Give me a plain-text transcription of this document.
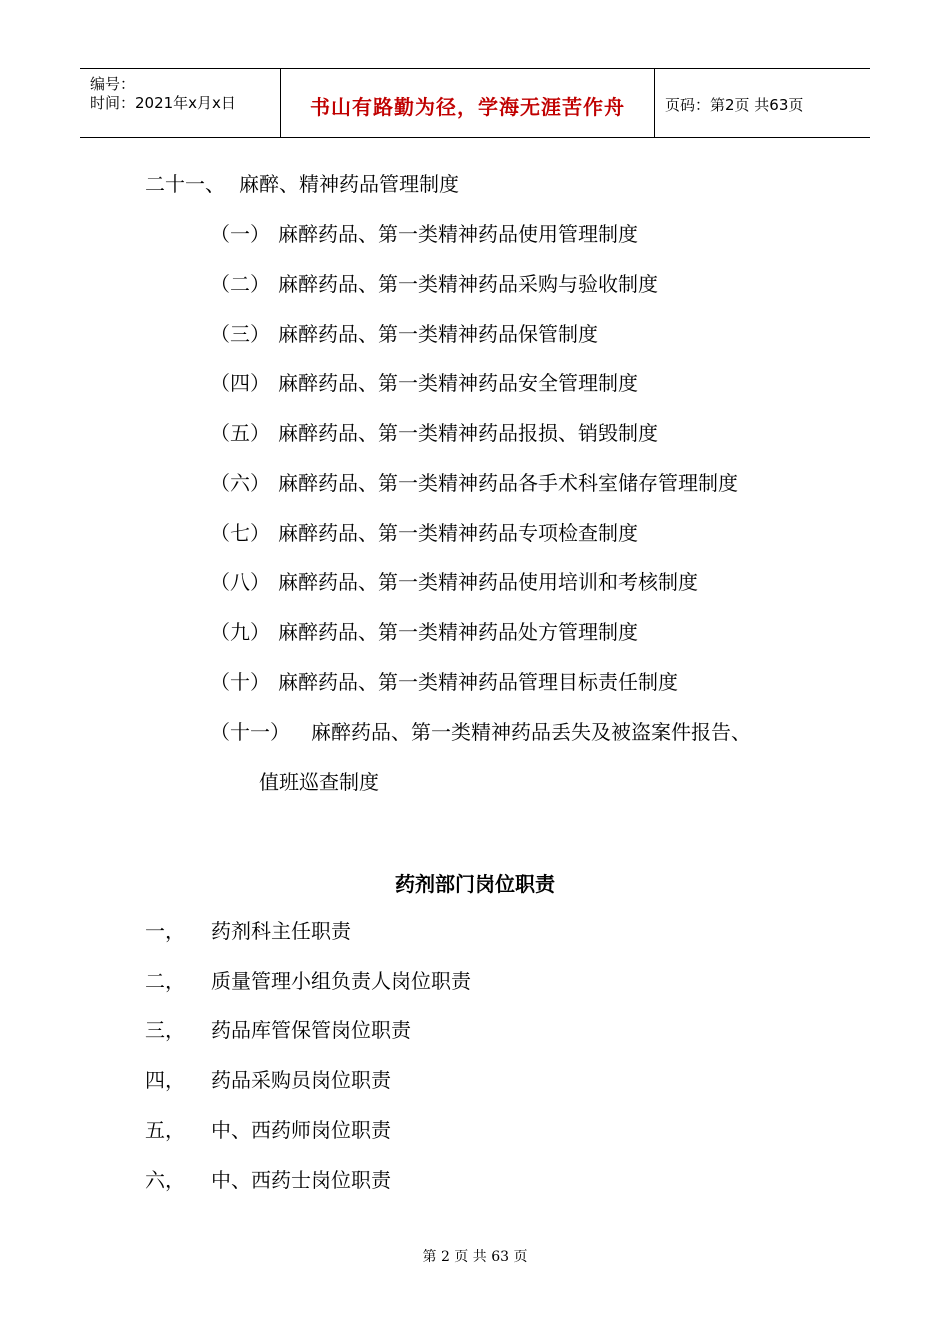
编号：
时间：2021年x月x日	书山有路勤为径，学海无涯苦作舟	页码：第2页 共63页
二十一、 麻醉、精神药品管理制度
（一） 麻醉药品、第一类精神药品使用管理制度
（二） 麻醉药品、第一类精神药品采购与验收制度
（三） 麻醉药品、第一类精神药品保管制度
（四） 麻醉药品、第一类精神药品安全管理制度
（五） 麻醉药品、第一类精神药品报损、销毁制度
（六） 麻醉药品、第一类精神药品各手术科室储存管理制度
（七） 麻醉药品、第一类精神药品专项检查制度
（八） 麻醉药品、第一类精神药品使用培训和考核制度
（九） 麻醉药品、第一类精神药品处方管理制度
（十） 麻醉药品、第一类精神药品管理目标责任制度
（十一） 麻醉药品、第一类精神药品丢失及被盗案件报告、
值班巡查制度
药剂部门岗位职责
一， 药剂科主任职责
二， 质量管理小组负责人岗位职责
三， 药品库管保管岗位职责
四， 药品采购员岗位职责
五， 中、西药师岗位职责
六， 中、西药士岗位职责
第 2 页 共 63 页
